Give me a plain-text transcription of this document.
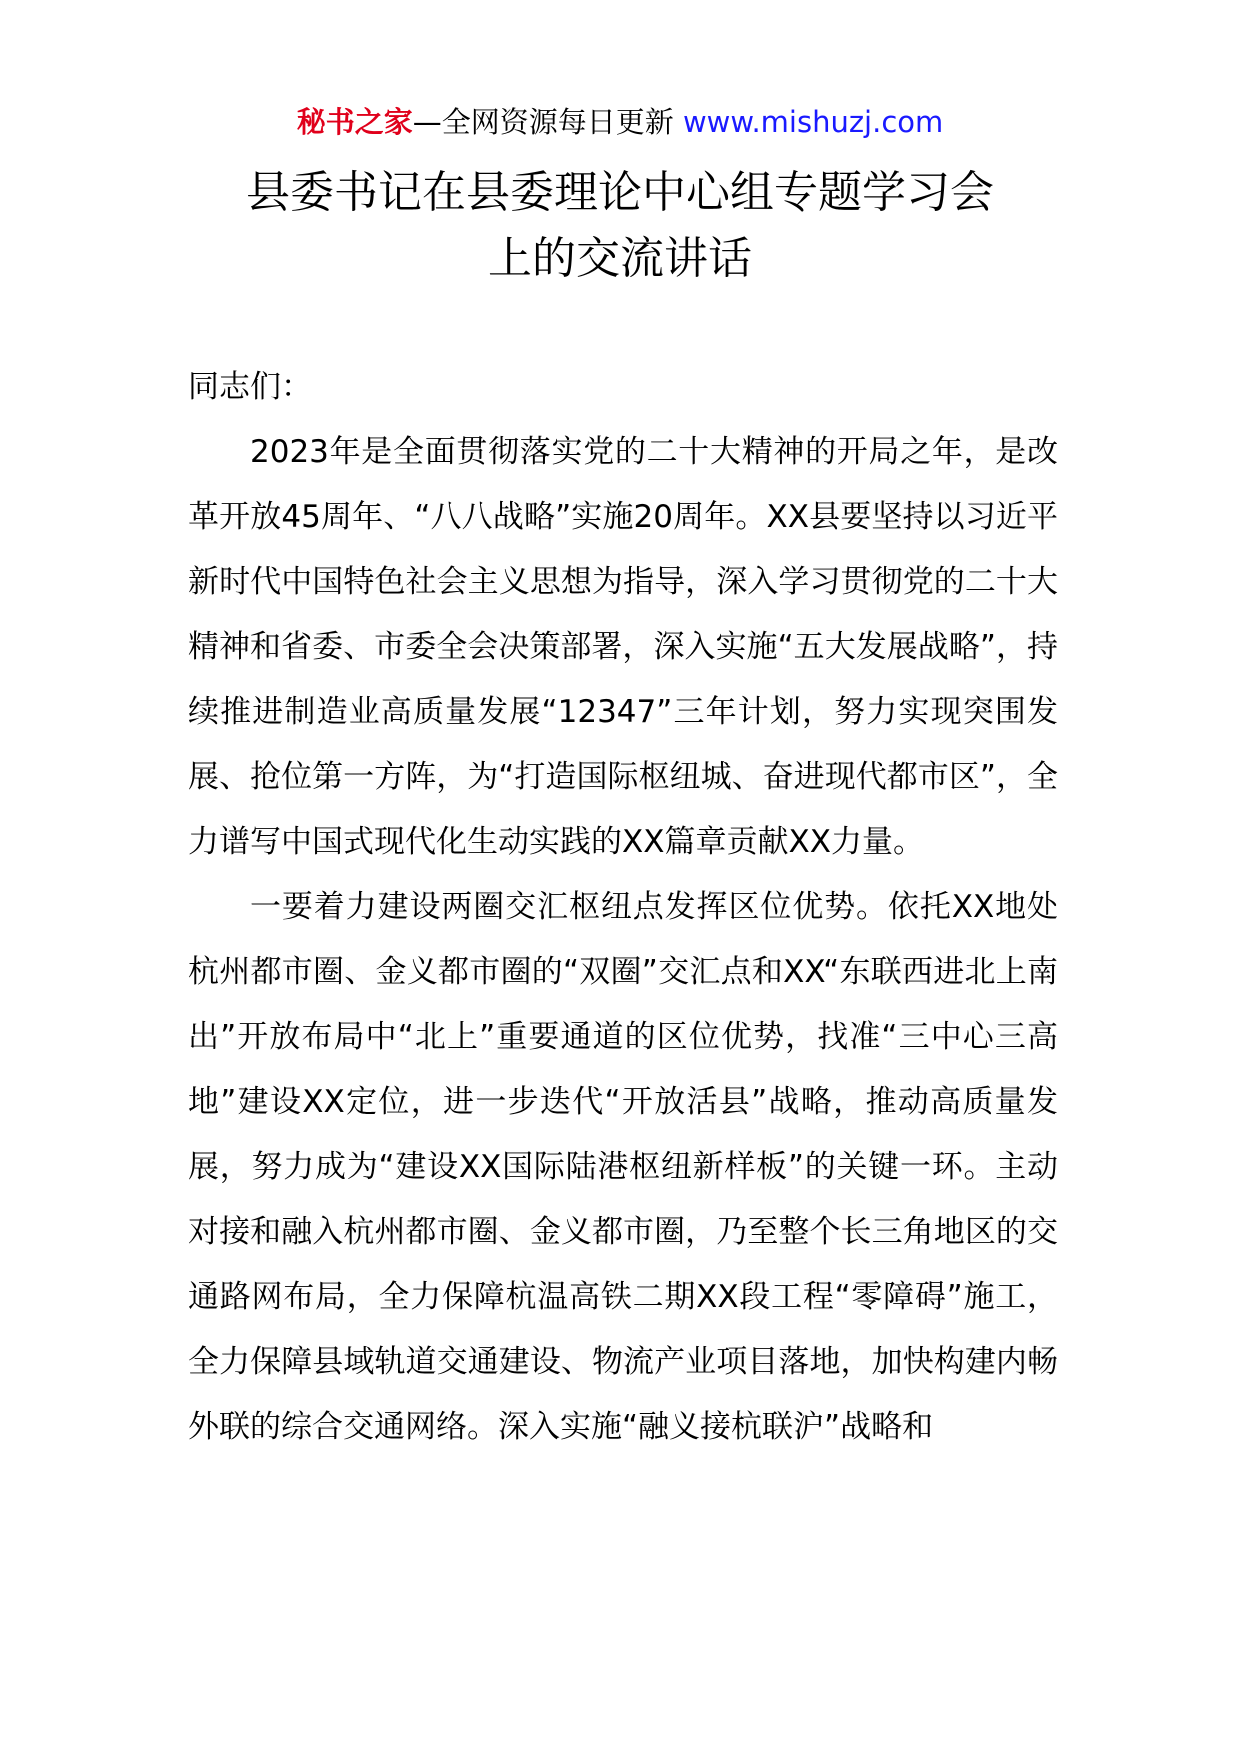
秘书之家—全网资源每日更新 www.mishuzj.com
县委书记在县委理论中心组专题学习会
上的交流讲话

同志们：

2023年是全面贯彻落实党的二十大精神的开局之年，是改革开放45周年、“八八战略”实施20周年。XX县要坚持以习近平新时代中国特色社会主义思想为指导，深入学习贯彻党的二十大精神和省委、市委全会决策部署，深入实施“五大发展战略”，持续推进制造业高质量发展“12347”三年计划，努力实现突围发展、抢位第一方阵，为“打造国际枢纽城、奋进现代都市区”，全力谱写中国式现代化生动实践的XX篇章贡献XX力量。

一要着力建设两圈交汇枢纽点发挥区位优势。依托XX地处杭州都市圈、金义都市圈的“双圈”交汇点和XX“东联西进北上南出”开放布局中“北上”重要通道的区位优势，找准“三中心三高地”建设XX定位，进一步迭代“开放活县”战略，推动高质量发展，努力成为“建设XX国际陆港枢纽新样板”的关键一环。主动对接和融入杭州都市圈、金义都市圈，乃至整个长三角地区的交通路网布局，全力保障杭温高铁二期XX段工程“零障碍”施工，全力保障县域轨道交通建设、物流产业项目落地，加快构建内畅外联的综合交通网络。深入实施“融义接杭联沪”战略和
